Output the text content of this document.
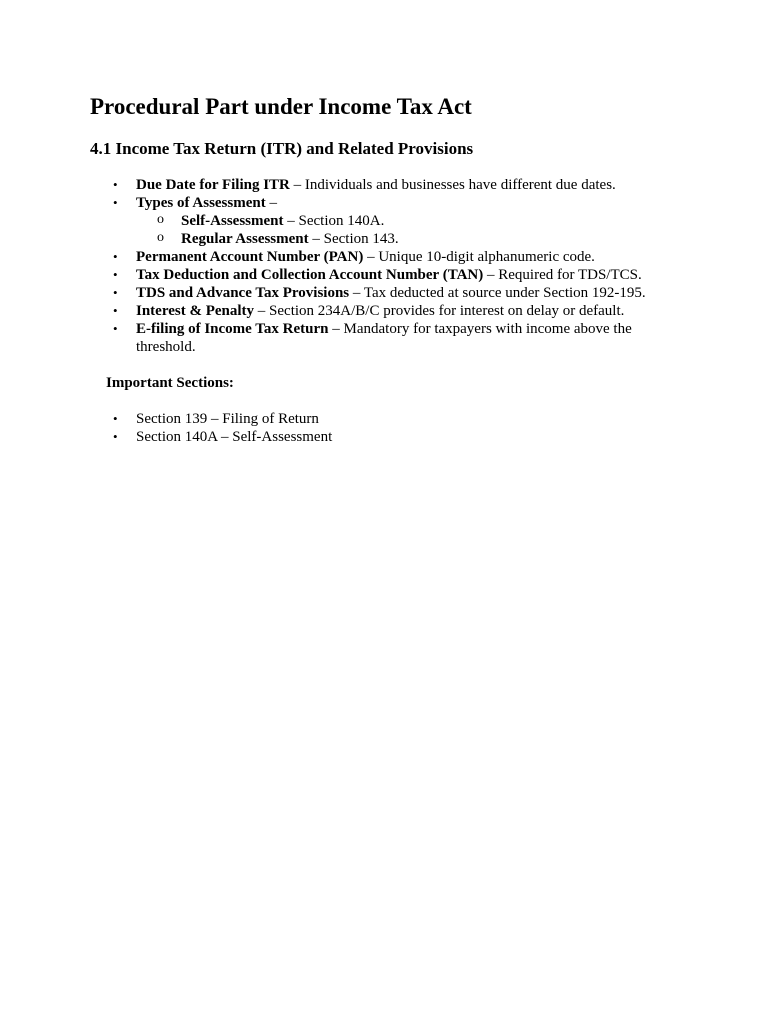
Procedural Part under Income Tax Act
4.1 Income Tax Return (ITR) and Related Provisions
• Due Date for Filing ITR – Individuals and businesses have different due dates.
• Types of Assessment –
o Self-Assessment – Section 140A.
o Regular Assessment – Section 143.
• Permanent Account Number (PAN) – Unique 10-digit alphanumeric code.
• Tax Deduction and Collection Account Number (TAN) – Required for TDS/TCS.
• TDS and Advance Tax Provisions – Tax deducted at source under Section 192-195.
• Interest & Penalty – Section 234A/B/C provides for interest on delay or default.
• E-filing of Income Tax Return – Mandatory for taxpayers with income above the threshold.

Important Sections:

• Section 139 – Filing of Return
• Section 140A – Self-Assessment
